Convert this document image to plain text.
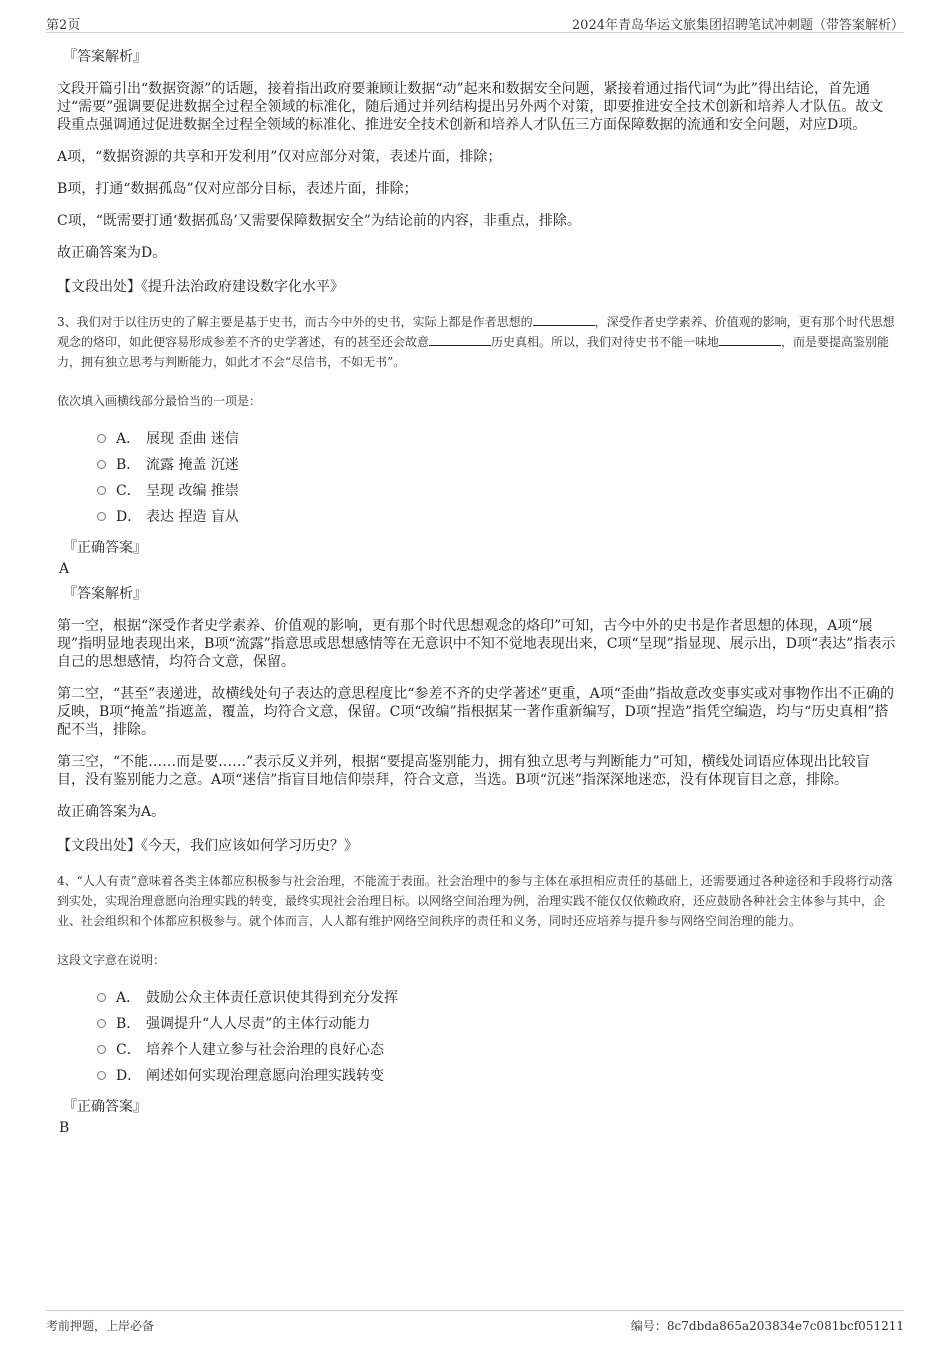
第2页	2024年青岛华运文旅集团招聘笔试冲刺题（带答案解析）
『答案解析』
文段开篇引出“数据资源”的话题，接着指出政府要兼顾让数据“动”起来和数据安全问题，紧接着通过指代词“为此”得出结论，首先通过“需要”强调要促进数据全过程全领域的标准化，随后通过并列结构提出另外两个对策，即要推进安全技术创新和培养人才队伍。故文段重点强调通过促进数据全过程全领域的标准化、推进安全技术创新和培养人才队伍三方面保障数据的流通和安全问题，对应D项。
A项，“数据资源的共享和开发利用”仅对应部分对策，表述片面，排除；
B项，打通“数据孤岛”仅对应部分目标，表述片面，排除；
C项，“既需要打通‘数据孤岛’又需要保障数据安全”为结论前的内容，非重点，排除。
故正确答案为D。
【文段出处】《提升法治政府建设数字化水平》
3、我们对于以往历史的了解主要是基于史书，而古今中外的史书，实际上都是作者思想的	，深受作者史学素养、价值观的影响，更有那个时代思想观念的烙印，如此便容易形成参差不齐的史学著述，有的甚至还会故意	历史真相。所以，我们对待史书不能一味地	，而是要提高鉴别能力，拥有独立思考与判断能力，如此才不会“尽信书，不如无书”。
依次填入画横线部分最恰当的一项是：
A． 展现 歪曲 迷信
B． 流露 掩盖 沉迷
C． 呈现 改编 推崇
D． 表达 捏造 盲从
『正确答案』
A
『答案解析』
第一空，根据“深受作者史学素养、价值观的影响，更有那个时代思想观念的烙印”可知，古今中外的史书是作者思想的体现，A项“展现”指明显地表现出来，B项“流露”指意思或思想感情等在无意识中不知不觉地表现出来，C项“呈现”指显现、展示出，D项“表达”指表示自己的思想感情，均符合文意，保留。
第二空，“甚至”表递进，故横线处句子表达的意思程度比“参差不齐的史学著述”更重，A项“歪曲”指故意改变事实或对事物作出不正确的反映，B项“掩盖”指遮盖，覆盖，均符合文意，保留。C项“改编”指根据某一著作重新编写，D项“捏造”指凭空编造，均与“历史真相”搭配不当，排除。
第三空，“不能……而是要……”表示反义并列，根据“要提高鉴别能力，拥有独立思考与判断能力”可知，横线处词语应体现出比较盲目，没有鉴别能力之意。A项“迷信”指盲目地信仰崇拜，符合文意，当选。B项“沉迷”指深深地迷恋，没有体现盲目之意，排除。
故正确答案为A。
【文段出处】《今天，我们应该如何学习历史？》
4、“人人有责”意味着各类主体都应积极参与社会治理，不能流于表面。社会治理中的参与主体在承担相应责任的基础上，还需要通过各种途径和手段将行动落到实处，实现治理意愿向治理实践的转变，最终实现社会治理目标。以网络空间治理为例，治理实践不能仅仅依赖政府，还应鼓励各种社会主体参与其中，企业、社会组织和个体都应积极参与。就个体而言，人人都有维护网络空间秩序的责任和义务，同时还应培养与提升参与网络空间治理的能力。
这段文字意在说明：
A． 鼓励公众主体责任意识使其得到充分发挥
B． 强调提升“人人尽责”的主体行动能力
C． 培养个人建立参与社会治理的良好心态
D． 阐述如何实现治理意愿向治理实践转变
『正确答案』
B
考前押题，上岸必备	编号：8c7dbda865a203834e7c081bcf051211
